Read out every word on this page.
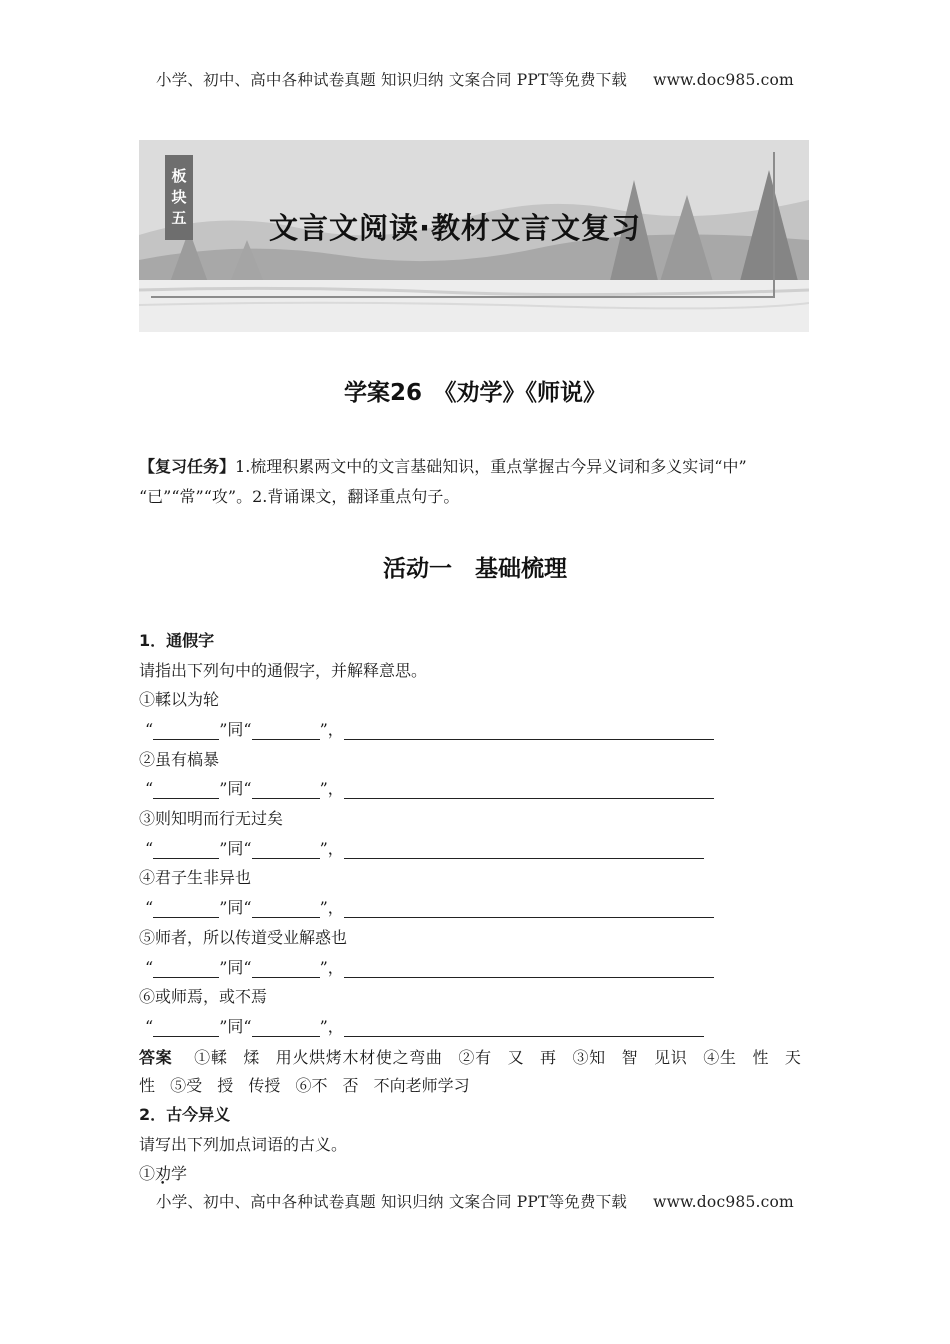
小学、初中、高中各种试卷真题 知识归纳 文案合同 PPT等免费下载 www.doc985.com
板
块
五	文言文阅读·教材文言文复习
学案26　《劝学》《师说》
【复习任务】1.梳理积累两文中的文言基础知识，重点掌握古今异义词和多义实词“中”
“已”“常”“攻”。2.背诵课文，翻译重点句子。
活动一　基础梳理
1．通假字
请指出下列句中的通假字，并解释意思。
①輮以为轮
“	”同“	”，
②虽有槁暴
“	”同“	”，
③则知明而行无过矣
“	”同“	”，
④君子生非异也
“	”同“	”，
⑤师者，所以传道受业解惑也
“	”同“	”，
⑥或师焉，或不焉
“	”同“	”，
答案 ①輮 煣 用火烘烤木材使之弯曲 ②有 又 再 ③知 智 见识 ④生 性 天
性 ⑤受 授 传授 ⑥不 否 不向老师学习
2．古今异义
请写出下列加点词语的古义。
①劝学
小学、初中、高中各种试卷真题 知识归纳 文案合同 PPT等免费下载 www.doc985.com
